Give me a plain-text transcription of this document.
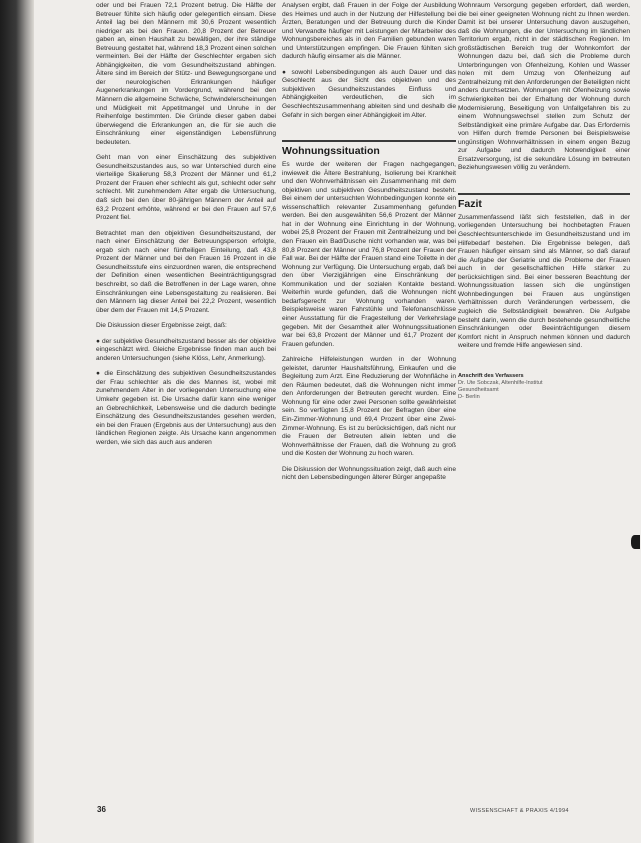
oder und bei Frauen 72,1 Prozent betrug. Die Hälfte der Betreuer fühlte sich häufig oder gelegentlich einsam. Diese Anteil lag bei den Männern mit 30,6 Prozent wesentlich niedriger als bei den Frauen. 20,8 Prozent der Betreuer gaben an, einen Haushalt zu bewältigen, der ihre ständige Betreuung gestaltet hat, während 18,3 Prozent einen solchen vermeinten. Bei der Hälfte der Geschlechter ergaben sich Abhängigkeiten, die vom Gesundheitszustand abhingen. Ältere sind im Bereich der Stütz- und Bewegungsorgane und der neurologischen Erkrankungen häufiger Augenerkrankungen im Vordergrund, während bei den Männern die allgemeine Schwäche, Schwindelerscheinungen und Müdigkeit mit Appetitmangel und Unruhe in der Reihenfolge bestimmten. Die Gründe dieser gaben dabei überwiegend die Erkrankungen an, die für sie auch die Einschränkung einer eigenständigen Lebensführung bedeuteten.

Geht man von einer Einschätzung des subjektiven Gesundheitszustandes aus, so war Unterschied durch eine vierteilige Skalierung 58,3 Prozent der Männer und 61,2 Prozent der Frauen eher schlecht als gut, schlecht oder sehr schlecht. Mit zunehmendem Alter ergab die Untersuchung, daß sich bei den über 80-jährigen Männern der Anteil auf 63,2 Prozent erhöhte, während er bei den Frauen auf 57,6 Prozent fiel.

Betrachtet man den objektiven Gesundheitszustand, der nach einer Einschätzung der Betreuungsperson erfolgte, ergab sich nach einer fünfteiligen Einteilung, daß 43,8 Prozent der Männer und bei den Frauen 16 Prozent in die Gesundheitsstufe eins einzuordnen waren, die entsprechend der Definition einen wesentlichen Beeinträchtigungsgrad beschreibt, so daß die Betroffenen in der Lage waren, ohne Einschränkungen eine Lebensgestaltung zu realisieren. Bei den Männern lag dieser Anteil bei 22,2 Prozent, wesentlich über dem der Frauen mit 14,5 Prozent.

Die Diskussion dieser Ergebnisse zeigt, daß:

● der subjektive Gesundheitszustand besser als der objektive eingeschätzt wird. Gleiche Ergebnisse finden man auch bei anderen Untersuchungen (siehe Klöss, Lehr, Anmerkung).

● die Einschätzung des subjektiven Gesundheitszustandes der Frau schlechter als die des Mannes ist, wobei mit zunehmendem Alter in der vorliegenden Untersuchung eine Umkehr gegeben ist. Die Ursache dafür kann eine weniger an Gebrechlichkeit, Lebensweise und die dadurch bedingte Einschätzung des Gesundheitszustandes gesehen werden, ein bei den Frauen (Ergebnis aus der Untersuchung) aus den ländlichen Regionen zeigte. Als Ursache kann angenommen werden, wie sich das auch aus anderen

Analysen ergibt, daß Frauen in der Folge der Ausbildung des Heimes und auch in der Nutzung der Hilfestellung bei Ärzten, Beratungen und der Betreuung durch die Kinder und Verwandte häufiger mit Leistungen der Mitarbeiter des Wohnungsbereiches als in den Familien gebunden waren und Unterstützungen empfingen. Die Frauen fühlten sich dadurch häufig einsamer als die Männer.

● sowohl Lebensbedingungen als auch Dauer und das Geschlecht aus der Sicht des objektiven und des subjektiven Gesundheitszustandes Einfluss und Abhängigkeiten verdeutlichen, die sich im Geschlechtszusammenhang ableiten sind und deshalb die Gefahr in sich bergen einer Abhängigkeit im Alter.

Wohnungssituation

Es wurde der weiteren der Fragen nachgegangen, inwieweit die Ältere Bestrahlung, Isolierung bei Krankheit und den Wohnverhältnissen ein Zusammenhang mit dem objektiven und subjektiven Gesundheitszustand besteht. Bei einem der untersuchten Wohnbedingungen konnte ein wissenschaftlich relevanter Zusammenhang gefunden werden. Bei den ausgewählten 56,6 Prozent der Männer hat in der Wohnung eine Einrichtung in der Wohnung, wobei 25,8 Prozent der Frauen mit Zentralheizung und bei den Frauen ein Bad/Dusche nicht vorhanden war, was bei 80,8 Prozent der Männer und 76,8 Prozent der Frauen der Fall war. Bei der Hälfte der Frauen stand eine Toilette in der Wohnung zur Verfügung. Die Untersuchung ergab, daß bei den über Vierzigjährigen eine Einschränkung der Kommunikation und der sozialen Kontakte bestand. Weiterhin wurde gefunden, daß die Wohnungen nicht bedarfsgerecht zur Wohnung vorhanden waren. Beispielsweise waren Fahrstühle und Telefonanschlüsse einer Ausstattung für die Fragestellung der Verkehrslage gegeben. Mit der Gesamtheit aller Wohnungssituationen war bei 63,8 Prozent der Männer und 61,7 Prozent der Frauen gefunden.

Zahlreiche Hilfeleistungen wurden in der Wohnung geleistet, darunter Haushaltsführung, Einkaufen und die Begleitung zum Arzt. Eine Reduzierung der Wohnfläche in den Räumen bedeutet, daß die Wohnungen nicht immer den Anforderungen der Betreuten gerecht wurden. Eine Wohnung für eine oder zwei Personen sollte gewährleistet sein. So verfügten 15,8 Prozent der Befragten über eine Ein-Zimmer-Wohnung und 69,4 Prozent über eine Zwei-Zimmer-Wohnung. Es ist zu berücksichtigen, daß nicht nur die Frauen der Betreuten allein lebten und die Wohnverhältnisse der Frauen, daß die Wohnung zu groß und die Kosten der Wohnung zu hoch waren.

Die Diskussion der Wohnungssituation zeigt, daß auch eine nicht den Lebensbedingungen älterer Bürger angepaßte

Wohnraum Versorgung gegeben erfordert, daß werden, die bei einer geeigneten Wohnung nicht zu Ihnen werden. Damit ist bei unserer Untersuchung davon auszugehen, daß die Wohnungen, die der Untersuchung im ländlichen Territorium ergab, nicht in der städtischen Regionen. Im großstädtischen Bereich trug der Wohnkomfort der Wohnungen dazu bei, daß sich die Probleme durch Unterbringungen von Ofenheizung, Kohlen und Wasser holen mit dem Umzug von Ofenheizung auf Zentralheizung mit den Anforderungen der Beteiligten nicht anders durchsetzten. Wohnungen mit Ofenheizung sowie Schwierigkeiten bei der Erhaltung der Wohnung durch Modernisierung, Beseitigung von Unfallgefahren bis zu einem Wohnungswechsel stellen zum Schutz der Selbständigkeit eine primäre Aufgabe dar. Das Erfordernis von Hilfen durch fremde Personen bei Beispielsweise ungünstigen Wohnverhältnissen in einem engen Bezug zur Aufgabe und dadurch Notwendigkeit einer Ersatzversorgung, ist die sekundäre Lösung im betreuten Beziehungswesen völlig zu verändern.

Fazit

Zusammenfassend läßt sich feststellen, daß in der vorliegenden Untersuchung bei hochbetagten Frauen Geschlechtsunterschiede im Gesundheitszustand und im Hilfebedarf bestehen. Die Ergebnisse belegen, daß Frauen häufiger einsam sind als Männer, so daß darauf die Aufgabe der Geriatrie und die Probleme der Frauen auch in der gesellschaftlichen Hilfe stärker zu berücksichtigen sind. Bei einer besseren Beachtung der Wohnungssituation lassen sich die ungünstigen Wohnbedingungen bei Frauen aus ungünstigen Verhältnissen durch Veränderungen verbessern, die zugleich die Selbständigkeit bewahren. Die Aufgabe besteht darin, wenn die durch bestehende gesundheitliche Einschränkungen oder Beeinträchtigungen diesem Komfort nicht in Anspruch nehmen können und dadurch weitere und fremde Hilfe angewiesen sind.

Anschrift des Verfassers
Dr. Ute Sobczak, Altenhilfe-Institut
Gesundheitsamt
D- Berlin
36	WISSENSCHAFT & PRAXIS 4/1994
